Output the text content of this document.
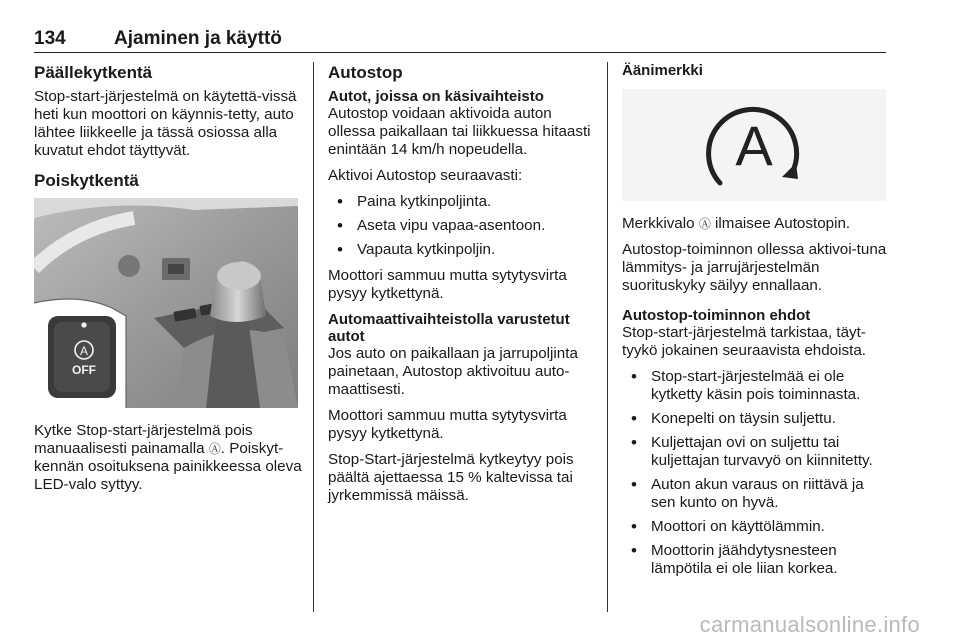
134	Ajaminen ja käyttö
Päällekytkentä

Stop-start-järjestelmä on käytettä-vissä heti kun moottori on käynnis-tetty, auto lähtee liikkeelle ja tässä osiossa alla kuvatut ehdot täyttyvät.

Poiskytkentä
A
OFF

Kytke Stop-start-järjestelmä pois manuaalisesti painamalla Ⓐ. Poiskyt-kennän osoituksena painikkeessa oleva LED-valo syttyy.

Autostop
Autot, joissa on käsivaihteisto

Autostop voidaan aktivoida auton ollessa paikallaan tai liikkuessa hitaasti enintään 14 km/h nopeudella.

Aktivoi Autostop seuraavasti:

• Paina kytkinpoljinta.
• Aseta vipu vapaa-asentoon.
• Vapauta kytkinpoljin.

Moottori sammuu mutta sytytysvirta pysyy kytkettynä.

Automaattivaihteistolla varustetut autot

Jos auto on paikallaan ja jarrupoljinta painetaan, Autostop aktivoituu auto-maattisesti.

Moottori sammuu mutta sytytysvirta pysyy kytkettynä.

Stop-Start-järjestelmä kytkeytyy pois päältä ajettaessa 15 % kaltevissa tai jyrkemmissä mäissä.

Äänimerkki
A

Merkkivalo Ⓐ ilmaisee Autostopin.

Autostop-toiminnon ollessa aktivoi-tuna lämmitys- ja jarrujärjestelmän suorituskyky säilyy ennallaan.

Autostop-toiminnon ehdot

Stop-start-järjestelmä tarkistaa, täyt-tyykö jokainen seuraavista ehdoista.

• Stop-start-järjestelmää ei ole kytketty käsin pois toiminnasta.
• Konepelti on täysin suljettu.
• Kuljettajan ovi on suljettu tai kuljettajan turvavyö on kiinnitetty.
• Auton akun varaus on riittävä ja sen kunto on hyvä.
• Moottori on käyttölämmin.
• Moottorin jäähdytysnesteen lämpötila ei ole liian korkea.
carmanualsonline.info
